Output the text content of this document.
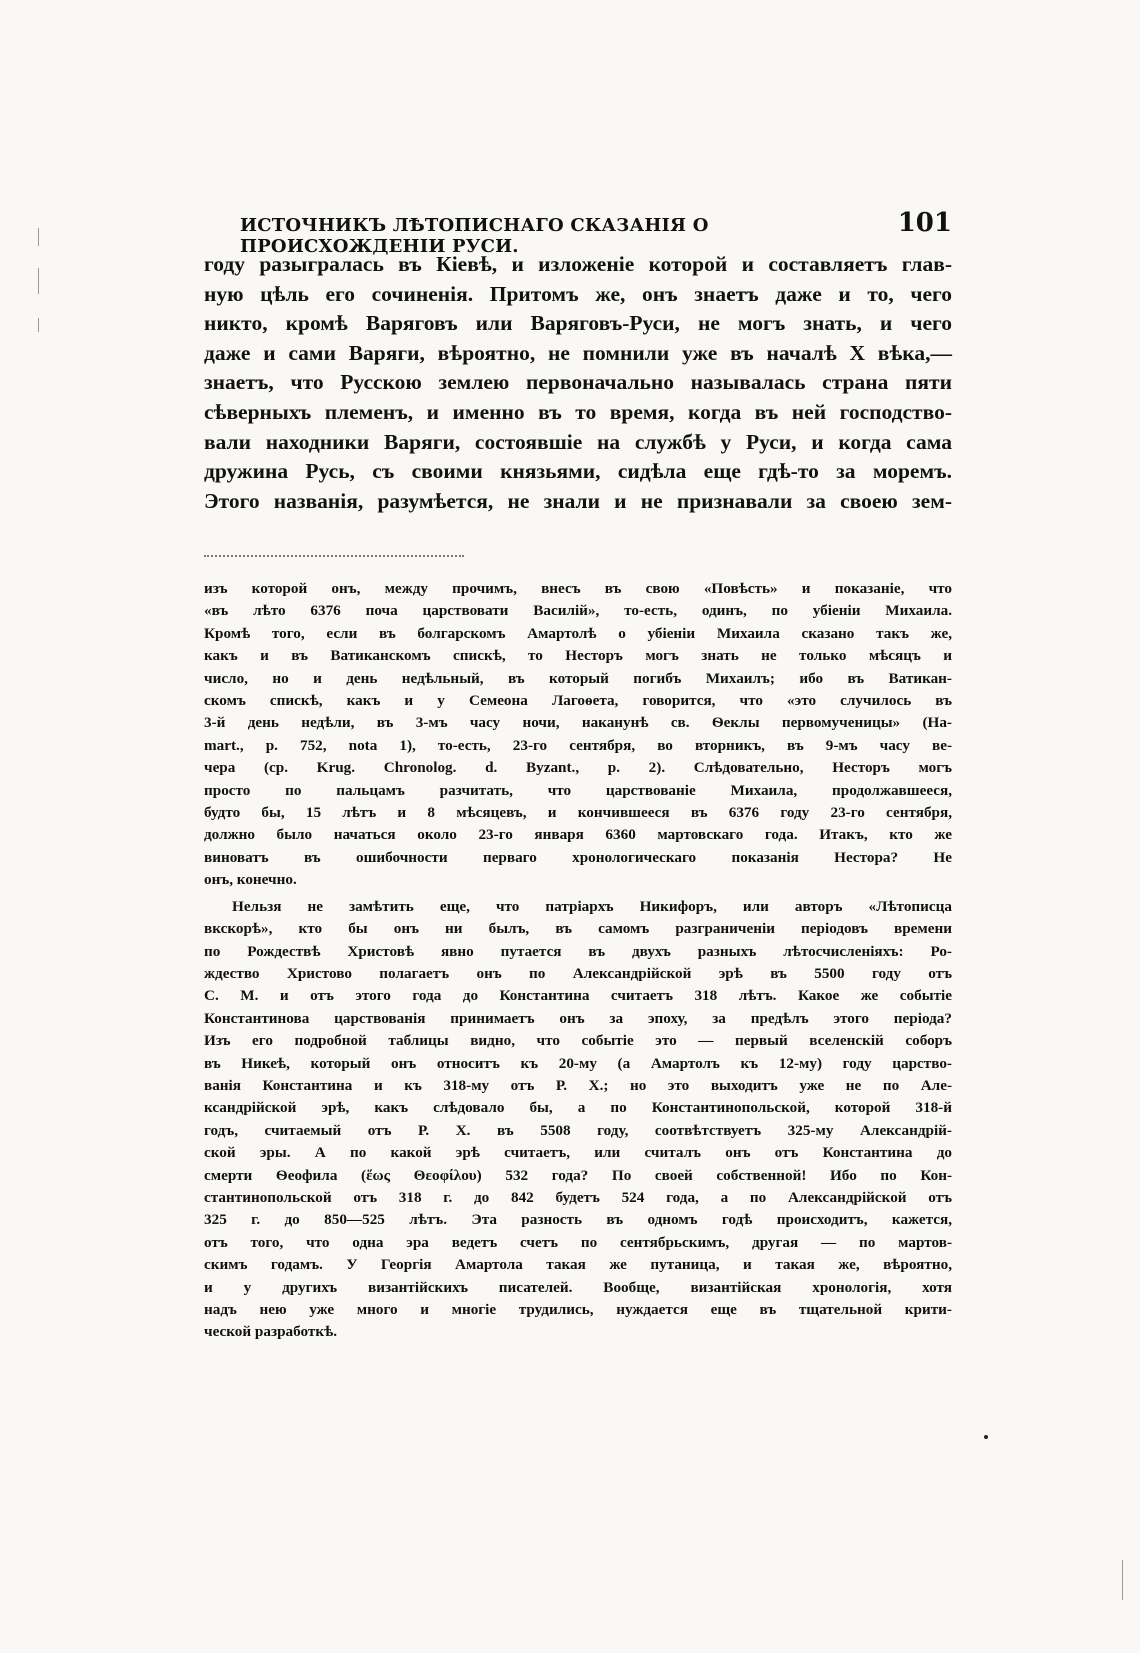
ИСТОЧНИКЪ ЛѢТОПИСНАГО СКАЗАНІЯ О ПРОИСХОЖДЕНІИ РУСИ.
101
году разыгралась въ Кіевѣ, и изложеніе которой и составляетъ глав-
ную цѣль его сочиненія. Притомъ же, онъ знаетъ даже и то, чего
никто, кромѣ Варяговъ или Варяговъ-Руси, не могъ знать, и чего
даже и сами Варяги, вѣроятно, не помнили уже въ началѣ X вѣка,—
знаетъ, что Русскою землею первоначально называлась страна пяти
сѣверныхъ племенъ, и именно въ то время, когда въ ней господство-
вали находники Варяги, состоявшіе на службѣ у Руси, и когда сама
дружина Русь, съ своими князьями, сидѣла еще гдѣ-то за моремъ.
Этого названія, разумѣется, не знали и не признавали за своею зем-
изъ которой онъ, между прочимъ, внесъ въ свою «Повѣсть» и показаніе, что
«въ лѣто 6376 поча царствовати Василій», то-есть, одинъ, по убіеніи Михаила.
Кромѣ того, если въ болгарскомъ Амартолѣ о убіеніи Михаила сказано такъ же,
какъ и въ Ватиканскомъ спискѣ, то Несторъ могъ знать не только мѣсяцъ и
число, но и день недѣльный, въ который погибъ Михаилъ; ибо въ Ватикан-
скомъ спискѣ, какъ и у Семеона Лагоѳета, говорится, что «это случилось въ
3-й день недѣли, въ 3-мъ часу ночи, наканунѣ св. Ѳеклы первомученицы» (Ha-
mart., p. 752, nota 1), то-есть, 23-го сентября, во вторникъ, въ 9-мъ часу ве-
чера (ср. Krug. Chronolog. d. Byzant., p. 2). Слѣдовательно, Несторъ могъ
просто по пальцамъ разчитать, что царствованіе Михаила, продолжавшееся,
будто бы, 15 лѣтъ и 8 мѣсяцевъ, и кончившееся въ 6376 году 23-го сентября,
должно было начаться около 23-го января 6360 мартовскаго года. Итакъ, кто же
виноватъ въ ошибочности перваго хронологическаго показанія Нестора? Не
онъ, конечно.
Нельзя не замѣтить еще, что патріархъ Никифоръ, или авторъ «Лѣтописца
вкскорѣ», кто бы онъ ни былъ, въ самомъ разграниченіи періодовъ времени
по Рождествѣ Христовѣ явно путается въ двухъ разныхъ лѣтосчисленіяхъ: Ро-
ждество Христово полагаетъ онъ по Александрійской эрѣ въ 5500 году отъ
С. М. и отъ этого года до Константина считаетъ 318 лѣтъ. Какое же событіе
Константинова царствованія принимаетъ онъ за эпоху, за предѣлъ этого періода?
Изъ его подробной таблицы видно, что событіе это — первый вселенскій соборъ
въ Никеѣ, который онъ относитъ къ 20-му (а Амартолъ къ 12-му) году царство-
ванія Константина и къ 318-му отъ Р. Х.; но это выходитъ уже не по Але-
ксандрійской эрѣ, какъ слѣдовало бы, а по Константинопольской, которой 318-й
годъ, считаемый отъ Р. Х. въ 5508 году, соотвѣтствуетъ 325-му Александрій-
ской эры. А по какой эрѣ считаетъ, или считалъ онъ отъ Константина до
смерти Ѳеофила (ἕως Θεοφίλου) 532 года? По своей собственной! Ибо по Кон-
стантинопольской отъ 318 г. до 842 будетъ 524 года, а по Александрійской отъ
325 г. до 850—525 лѣтъ. Эта разность въ одномъ годѣ происходитъ, кажется,
отъ того, что одна эра ведетъ счетъ по сентябрьскимъ, другая — по мартов-
скимъ годамъ. У Георгія Амартола такая же путаница, и такая же, вѣроятно,
и у другихъ византійскихъ писателей. Вообще, византійская хронологія, хотя
надъ нею уже много и многіе трудились, нуждается еще въ тщательной крити-
ческой разработкѣ.
